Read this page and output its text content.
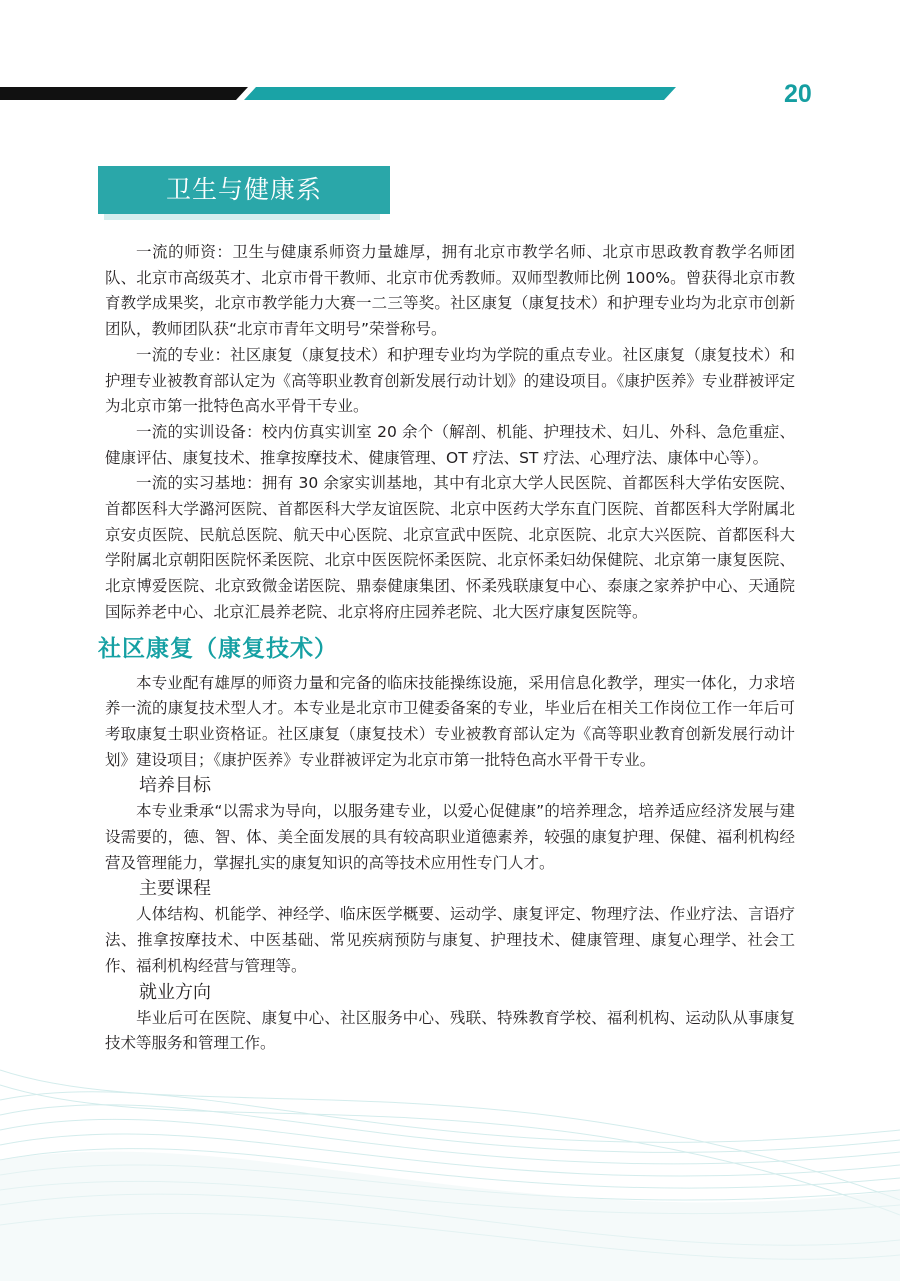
20
卫生与健康系

一流的师资：卫生与健康系师资力量雄厚，拥有北京市教学名师、北京市思政教育教学名师团队、北京市高级英才、北京市骨干教师、北京市优秀教师。双师型教师比例 100%。曾获得北京市教育教学成果奖，北京市教学能力大赛一二三等奖。社区康复（康复技术）和护理专业均为北京市创新团队，教师团队获“北京市青年文明号”荣誉称号。

一流的专业：社区康复（康复技术）和护理专业均为学院的重点专业。社区康复（康复技术）和护理专业被教育部认定为《高等职业教育创新发展行动计划》的建设项目。《康护医养》专业群被评定为北京市第一批特色高水平骨干专业。

一流的实训设备：校内仿真实训室 20 余个（解剖、机能、护理技术、妇儿、外科、急危重症、健康评估、康复技术、推拿按摩技术、健康管理、OT 疗法、ST 疗法、心理疗法、康体中心等）。

一流的实习基地：拥有 30 余家实训基地，其中有北京大学人民医院、首都医科大学佑安医院、首都医科大学潞河医院、首都医科大学友谊医院、北京中医药大学东直门医院、首都医科大学附属北京安贞医院、民航总医院、航天中心医院、北京宣武中医院、北京医院、北京大兴医院、首都医科大学附属北京朝阳医院怀柔医院、北京中医医院怀柔医院、北京怀柔妇幼保健院、北京第一康复医院、北京博爱医院、北京致微金诺医院、鼎泰健康集团、怀柔残联康复中心、泰康之家养护中心、天通院国际养老中心、北京汇晨养老院、北京将府庄园养老院、北大医疗康复医院等。

社区康复（康复技术）

本专业配有雄厚的师资力量和完备的临床技能操练设施，采用信息化教学，理实一体化，力求培养一流的康复技术型人才。本专业是北京市卫健委备案的专业，毕业后在相关工作岗位工作一年后可考取康复士职业资格证。社区康复（康复技术）专业被教育部认定为《高等职业教育创新发展行动计划》建设项目；《康护医养》专业群被评定为北京市第一批特色高水平骨干专业。

培养目标

本专业秉承“以需求为导向，以服务建专业，以爱心促健康”的培养理念，培养适应经济发展与建设需要的，德、智、体、美全面发展的具有较高职业道德素养，较强的康复护理、保健、福利机构经营及管理能力，掌握扎实的康复知识的高等技术应用性专门人才。

主要课程

人体结构、机能学、神经学、临床医学概要、运动学、康复评定、物理疗法、作业疗法、言语疗法、推拿按摩技术、中医基础、常见疾病预防与康复、护理技术、健康管理、康复心理学、社会工作、福利机构经营与管理等。

就业方向

毕业后可在医院、康复中心、社区服务中心、残联、特殊教育学校、福利机构、运动队从事康复技术等服务和管理工作。
